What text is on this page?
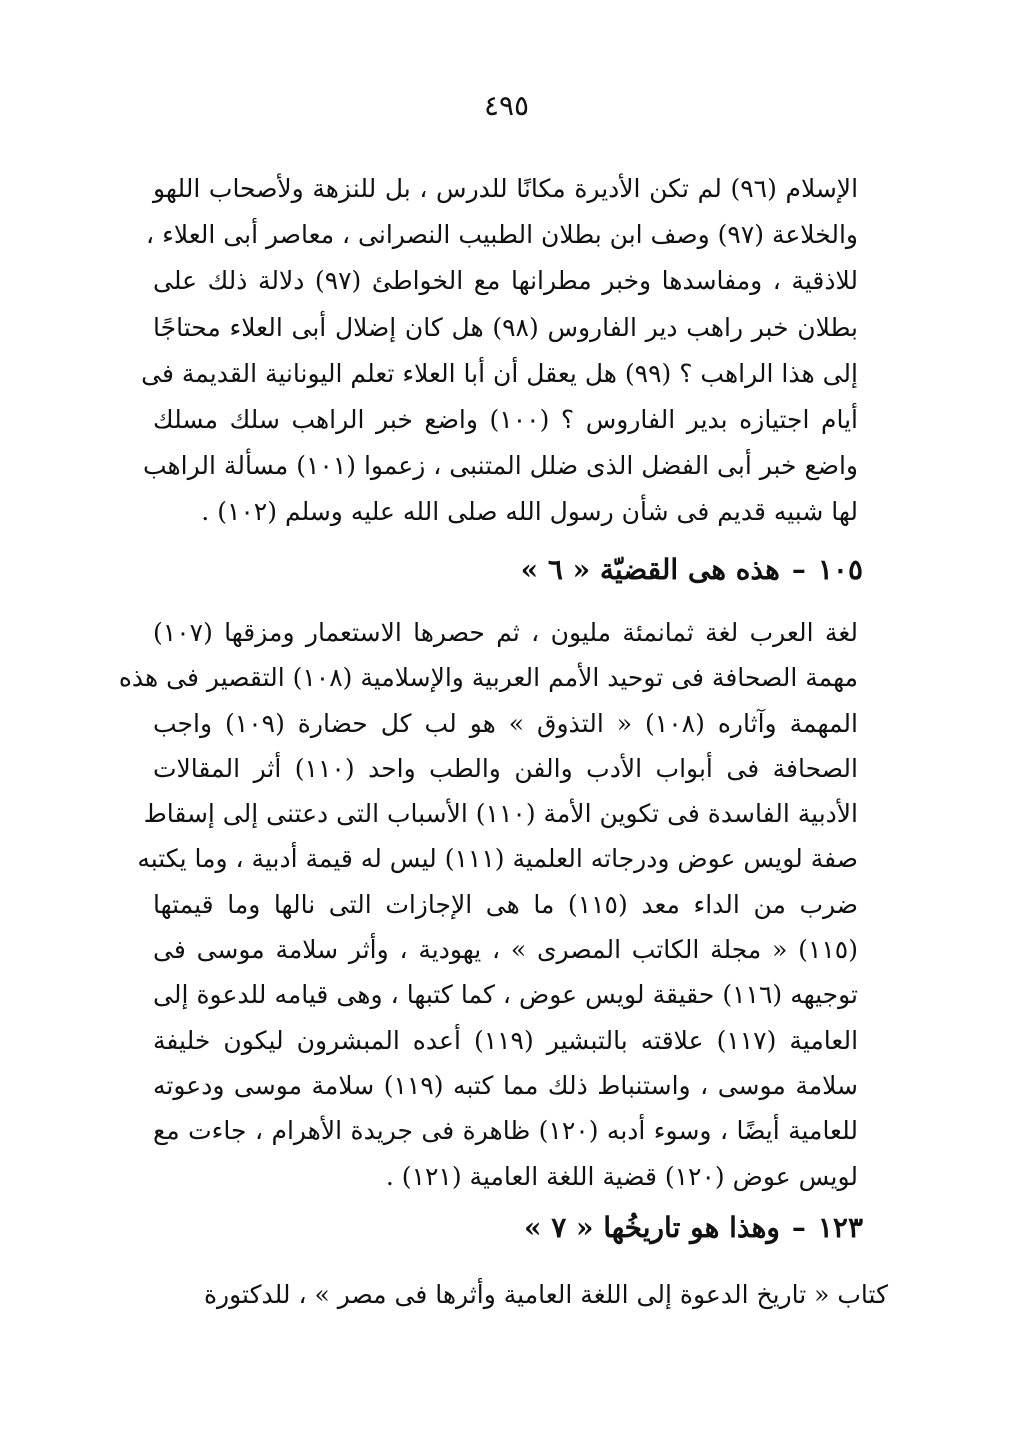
٤٩٥
الإسلام (٩٦) لم تكن الأديرة مكانًا للدرس ، بل للنزهة ولأصحاب اللهو
والخلاعة (٩٧) وصف ابن بطلان الطبيب النصرانى ، معاصر أبى العلاء ،
للاذقية ، ومفاسدها وخبر مطرانها مع الخواطئ (٩٧) دلالة ذلك على
بطلان خبر راهب دير الفاروس (٩٨) هل كان إضلال أبى العلاء محتاجًا
إلى هذا الراهب ؟ (٩٩) هل يعقل أن أبا العلاء تعلم اليونانية القديمة فى
أيام اجتيازه بدير الفاروس ؟ (١٠٠) واضع خبر الراهب سلك مسلك
واضع خبر أبى الفضل الذى ضلل المتنبى ، زعموا (١٠١) مسألة الراهب
لها شبيه قديم فى شأن رسول الله صلى الله عليه وسلم (١٠٢) .
١٠٥–هذه هى القضيّة « ٦ »
لغة العرب لغة ثمانمئة مليون ، ثم حصرها الاستعمار ومزقها (١٠٧)
مهمة الصحافة فى توحيد الأمم العربية والإسلامية (١٠٨) التقصير فى هذه
المهمة وآثاره (١٠٨) « التذوق » هو لب كل حضارة (١٠٩) واجب
الصحافة فى أبواب الأدب والفن والطب واحد (١١٠) أثر المقالات
الأدبية الفاسدة فى تكوين الأمة (١١٠) الأسباب التى دعتنى إلى إسقاط
صفة لويس عوض ودرجاته العلمية (١١١) ليس له قيمة أدبية ، وما يكتبه
ضرب من الداء معد (١١٥) ما هى الإجازات التى نالها وما قيمتها
(١١٥) « مجلة الكاتب المصرى » ، يهودية ، وأثر سلامة موسى فى
توجيهه (١١٦) حقيقة لويس عوض ، كما كتبها ، وهى قيامه للدعوة إلى
العامية (١١٧) علاقته بالتبشير (١١٩) أعده المبشرون ليكون خليفة
سلامة موسى ، واستنباط ذلك مما كتبه (١١٩) سلامة موسى ودعوته
للعامية أيضًا ، وسوء أدبه (١٢٠) ظاهرة فى جريدة الأهرام ، جاءت مع
لويس عوض (١٢٠) قضية اللغة العامية (١٢١) .
١٢٣–وهذا هو تاريخُها « ٧ »
كتاب « تاريخ الدعوة إلى اللغة العامية وأثرها فى مصر » ، للدكتورة
